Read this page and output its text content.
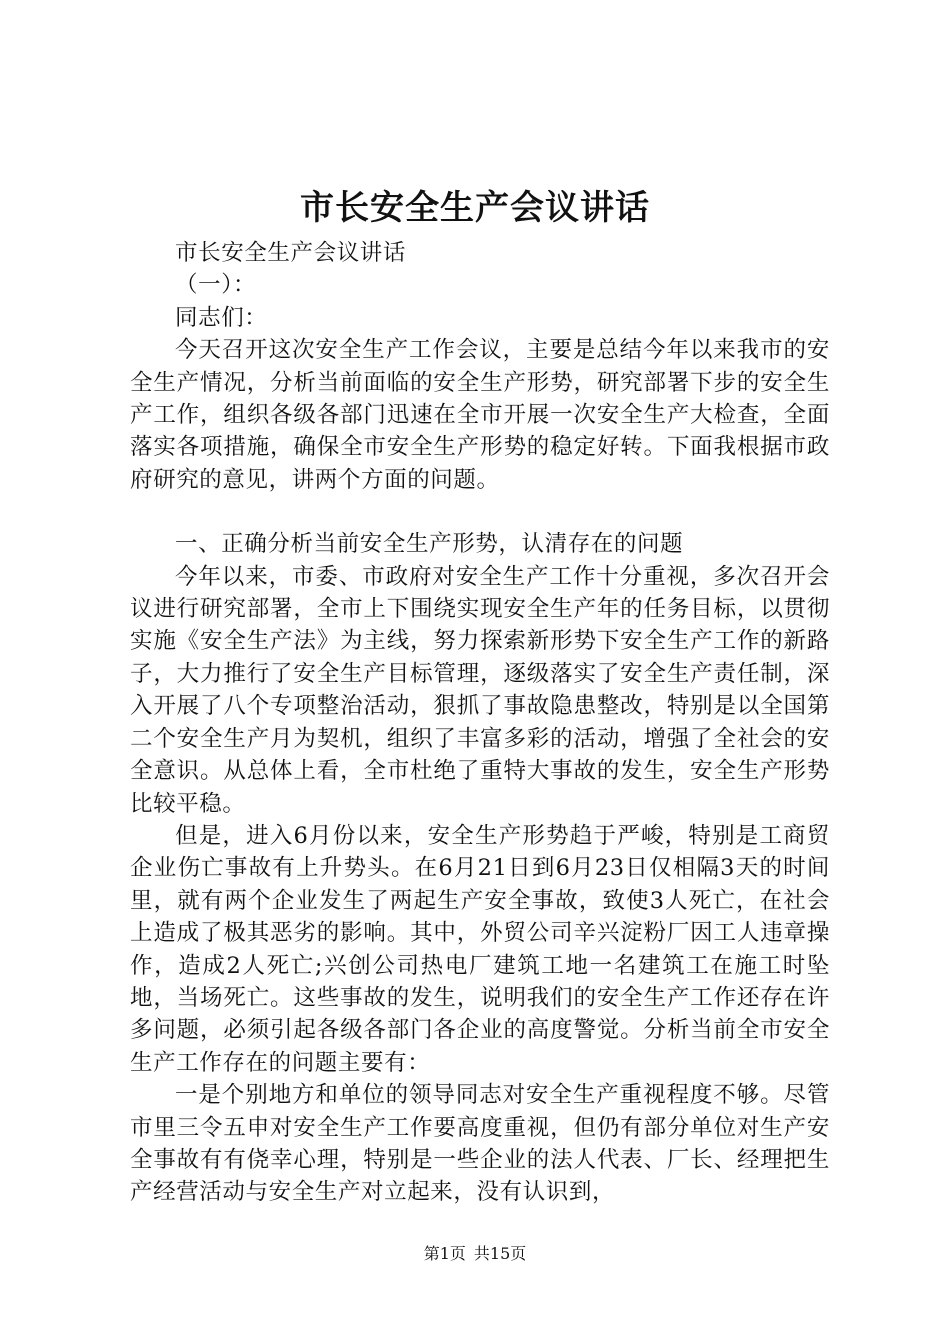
市长安全生产会议讲话

市长安全生产会议讲话

（一）：

同志们：

今天召开这次安全生产工作会议，主要是总结今年以来我市的安全生产情况，分析当前面临的安全生产形势，研究部署下步的安全生产工作，组织各级各部门迅速在全市开展一次安全生产大检查，全面落实各项措施，确保全市安全生产形势的稳定好转。下面我根据市政府研究的意见，讲两个方面的问题。

一、正确分析当前安全生产形势，认清存在的问题

今年以来，市委、市政府对安全生产工作十分重视，多次召开会议进行研究部署，全市上下围绕实现安全生产年的任务目标，以贯彻实施《安全生产法》为主线，努力探索新形势下安全生产工作的新路子，大力推行了安全生产目标管理，逐级落实了安全生产责任制，深入开展了八个专项整治活动，狠抓了事故隐患整改，特别是以全国第二个安全生产月为契机，组织了丰富多彩的活动，增强了全社会的安全意识。从总体上看，全市杜绝了重特大事故的发生，安全生产形势比较平稳。

但是，进入6月份以来，安全生产形势趋于严峻，特别是工商贸企业伤亡事故有上升势头。在6月21日到6月23日仅相隔3天的时间里，就有两个企业发生了两起生产安全事故，致使3人死亡，在社会上造成了极其恶劣的影响。其中，外贸公司辛兴淀粉厂因工人违章操作，造成2人死亡;兴创公司热电厂建筑工地一名建筑工在施工时坠地，当场死亡。这些事故的发生，说明我们的安全生产工作还存在许多问题，必须引起各级各部门各企业的高度警觉。分析当前全市安全生产工作存在的问题主要有：

一是个别地方和单位的领导同志对安全生产重视程度不够。尽管市里三令五申对安全生产工作要高度重视，但仍有部分单位对生产安全事故有有侥幸心理，特别是一些企业的法人代表、厂长、经理把生产经营活动与安全生产对立起来，没有认识到，

第1页 共15页
